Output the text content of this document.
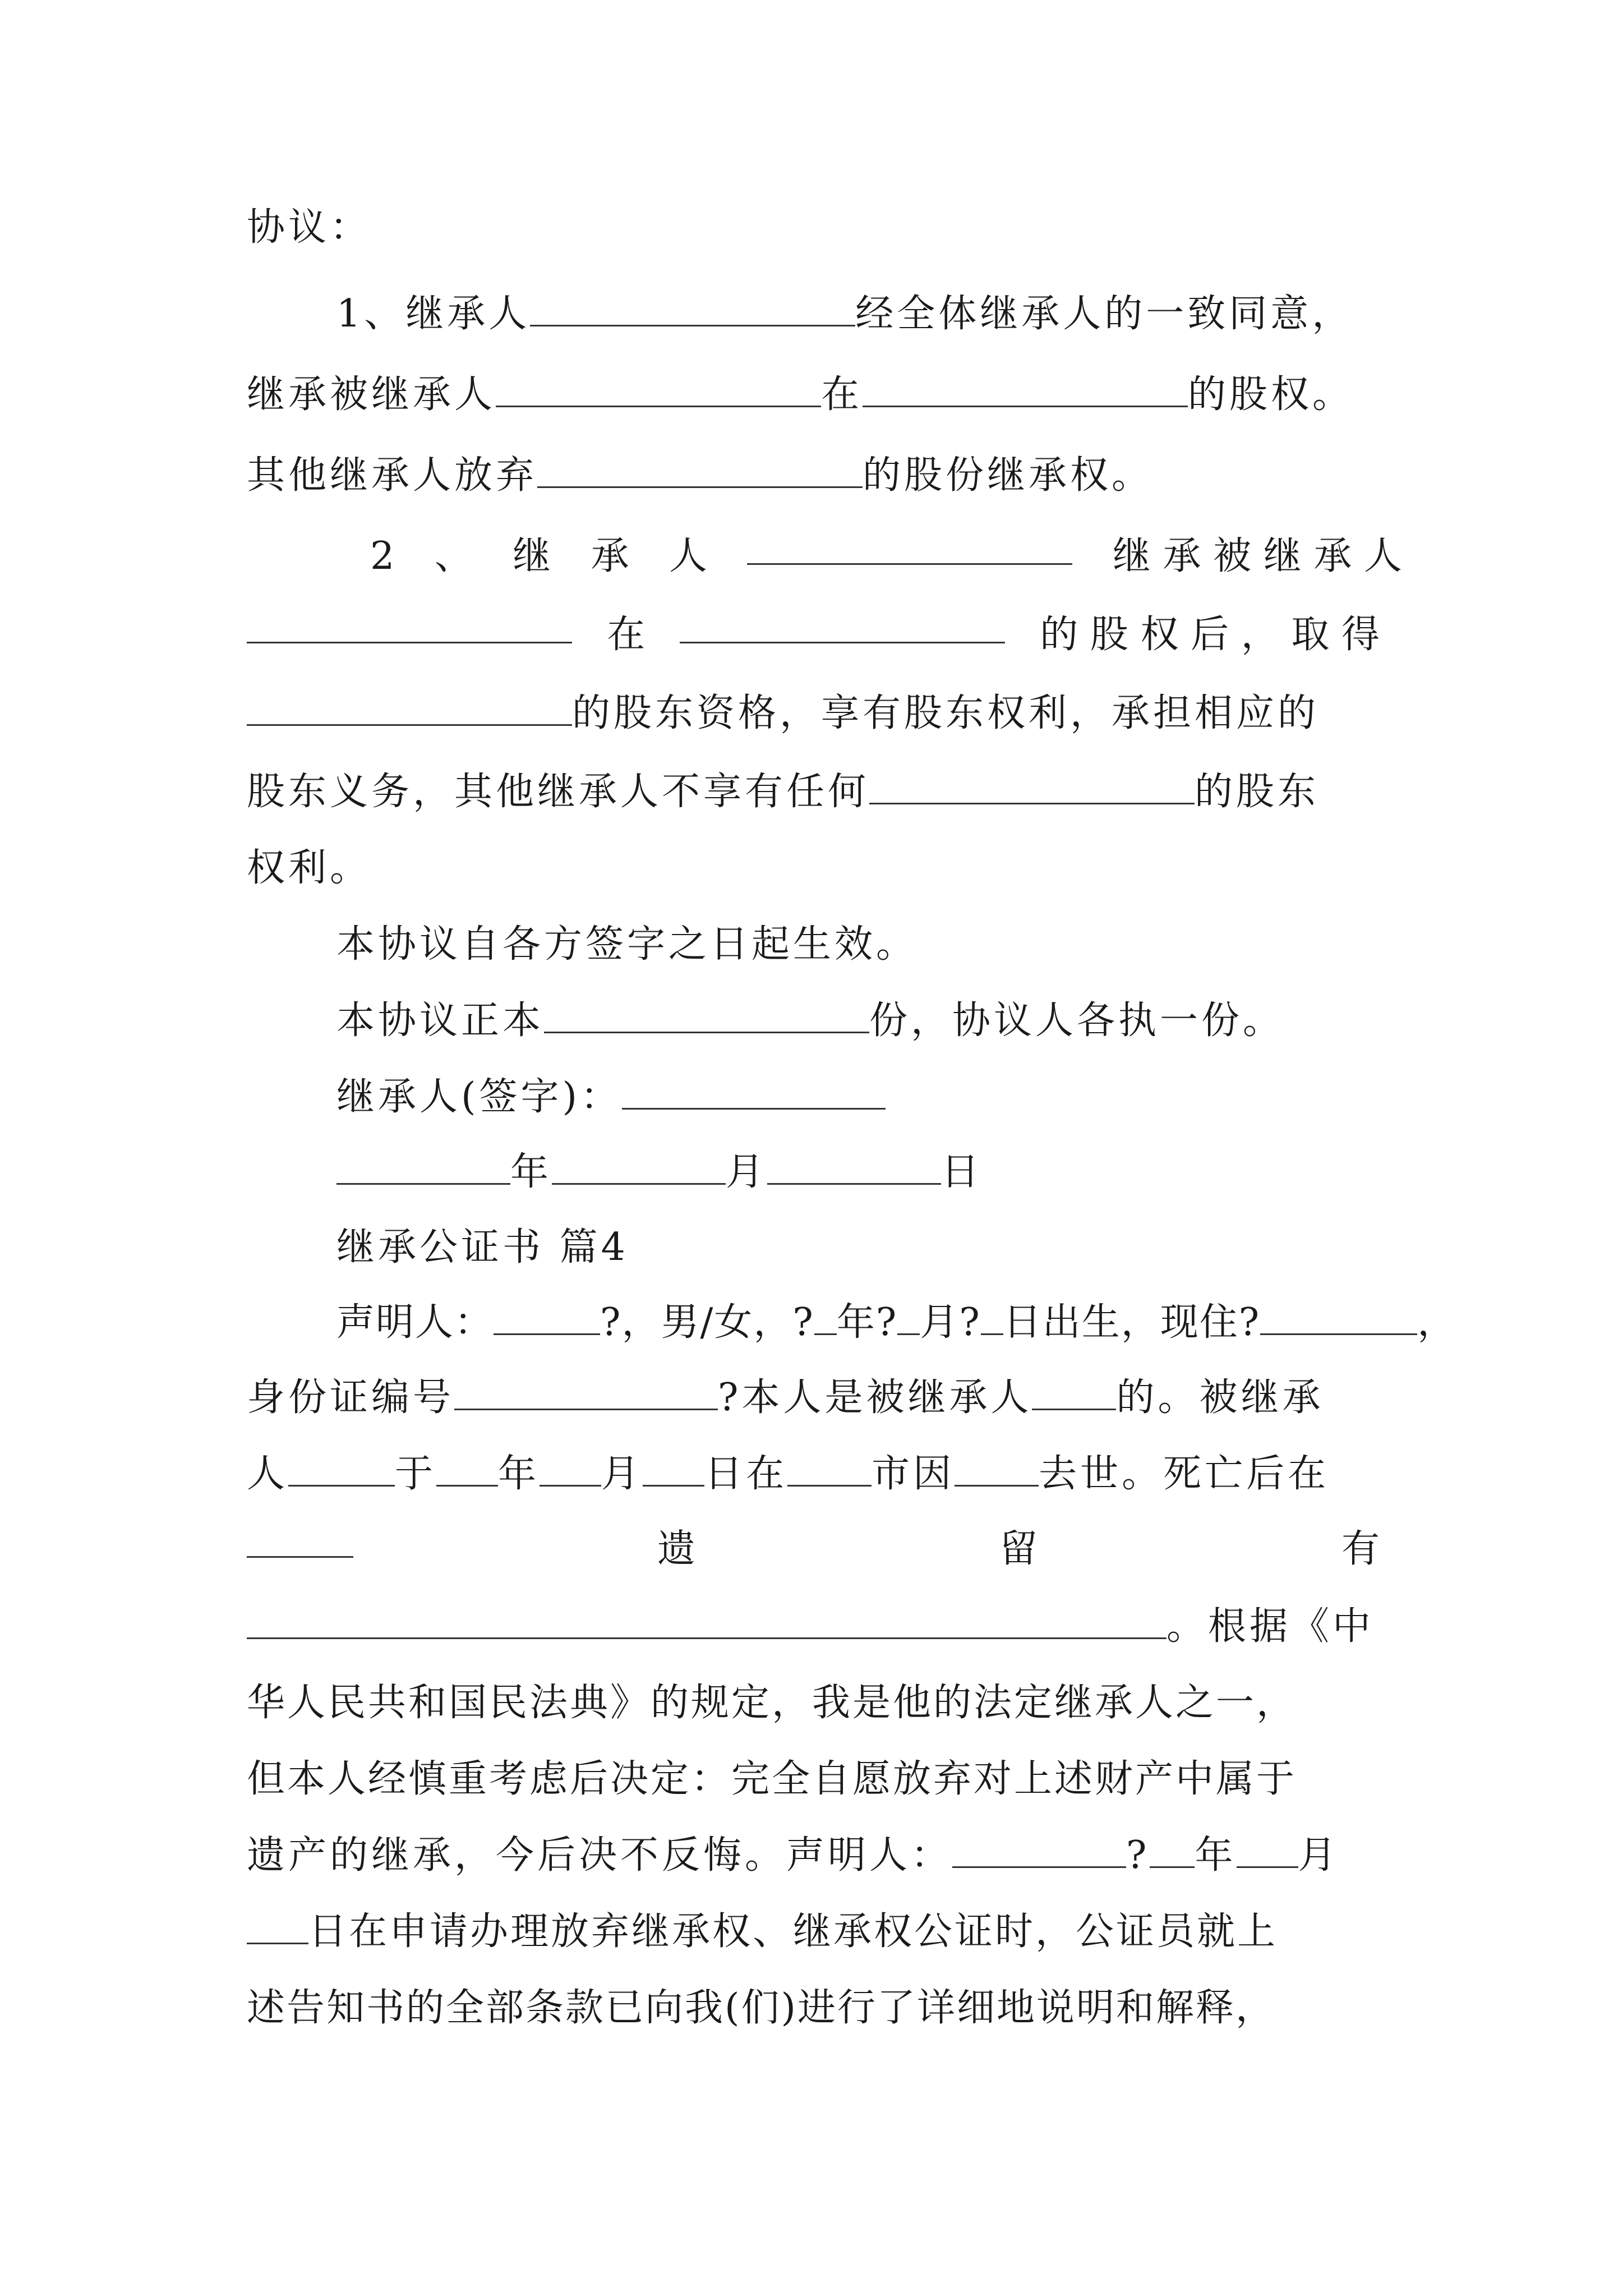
协议：
1、继承人	经全体继承人的一致同意，
继承被继承人	在	的股权。
其他继承人放弃	的股份继承权。
2 、 继 承 人	继 承 被 继 承 人
在	的 股 权 后 ， 取 得
的股东资格，享有股东权利，承担相应的
股东义务，其他继承人不享有任何	的股东
权利。
本协议自各方签字之日起生效。
本协议正本	份，协议人各执一份。
继承人(签字)：
年	月	日
继承公证书 篇4
声明人：	?，男/女，? 年? 月? 日出生，现住?	，
身份证编号	?本人是被继承人 的。被继承
人	于 年 月 日在 市因 去世。死亡后在
遗	留	有
。根据《中
华人民共和国民法典》的规定，我是他的法定继承人之一，
但本人经慎重考虑后决定：完全自愿放弃对上述财产中属于
遗产的继承，今后决不反悔。声明人：	? 年 月
日在申请办理放弃继承权、继承权公证时，公证员就上
述告知书的全部条款已向我(们)进行了详细地说明和解释，
